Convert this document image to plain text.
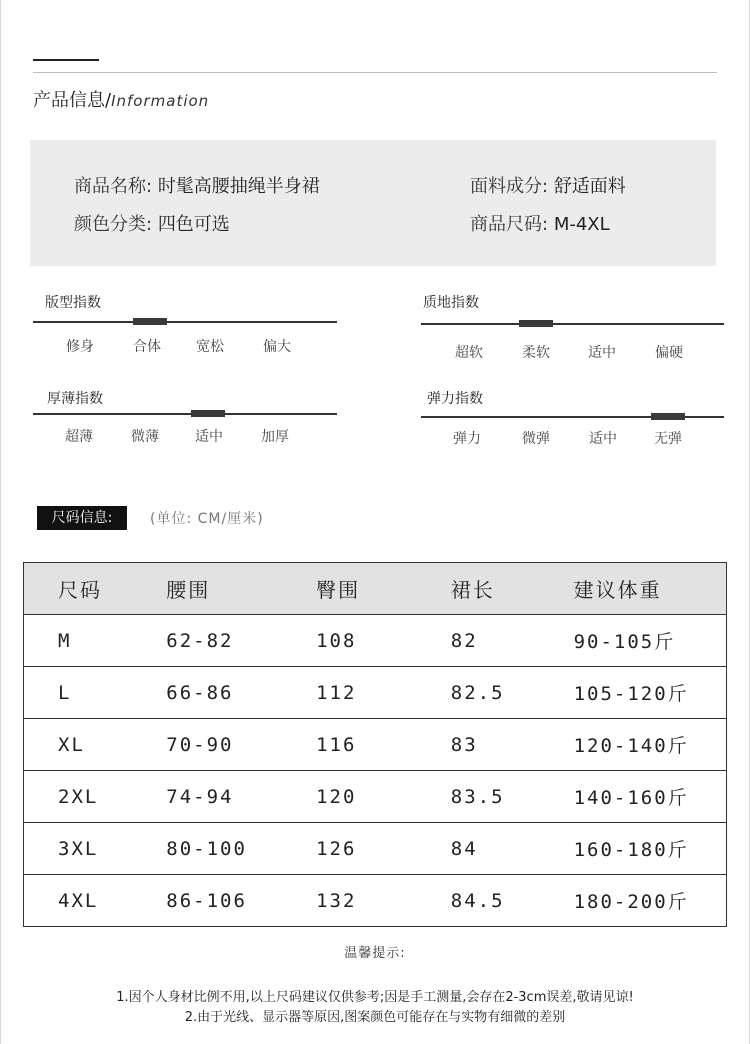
产品信息/Information
商品名称: 时髦高腰抽绳半身裙	面料成分: 舒适面料
颜色分类: 四色可选	商品尺码: M-4XL
版型指数
修身	合体	宽松	偏大
质地指数
超软	柔软	适中	偏硬
厚薄指数
超薄	微薄	适中	加厚
弹力指数
弹力	微弹	适中	无弹
尺码信息:	(单位: CM/厘米)
尺码	腰围	臀围	裙长	建议体重
M	62-82	108	82	90-105斤
L	66-86	112	82.5	105-120斤
XL	70-90	116	83	120-140斤
2XL	74-94	120	83.5	140-160斤
3XL	80-100	126	84	160-180斤
4XL	86-106	132	84.5	180-200斤
温馨提示:
1.因个人身材比例不用,以上尺码建议仅供参考;因是手工测量,会存在2-3cm误差,敬请见谅!
2.由于光线、显示器等原因,图案颜色可能存在与实物有细微的差别
